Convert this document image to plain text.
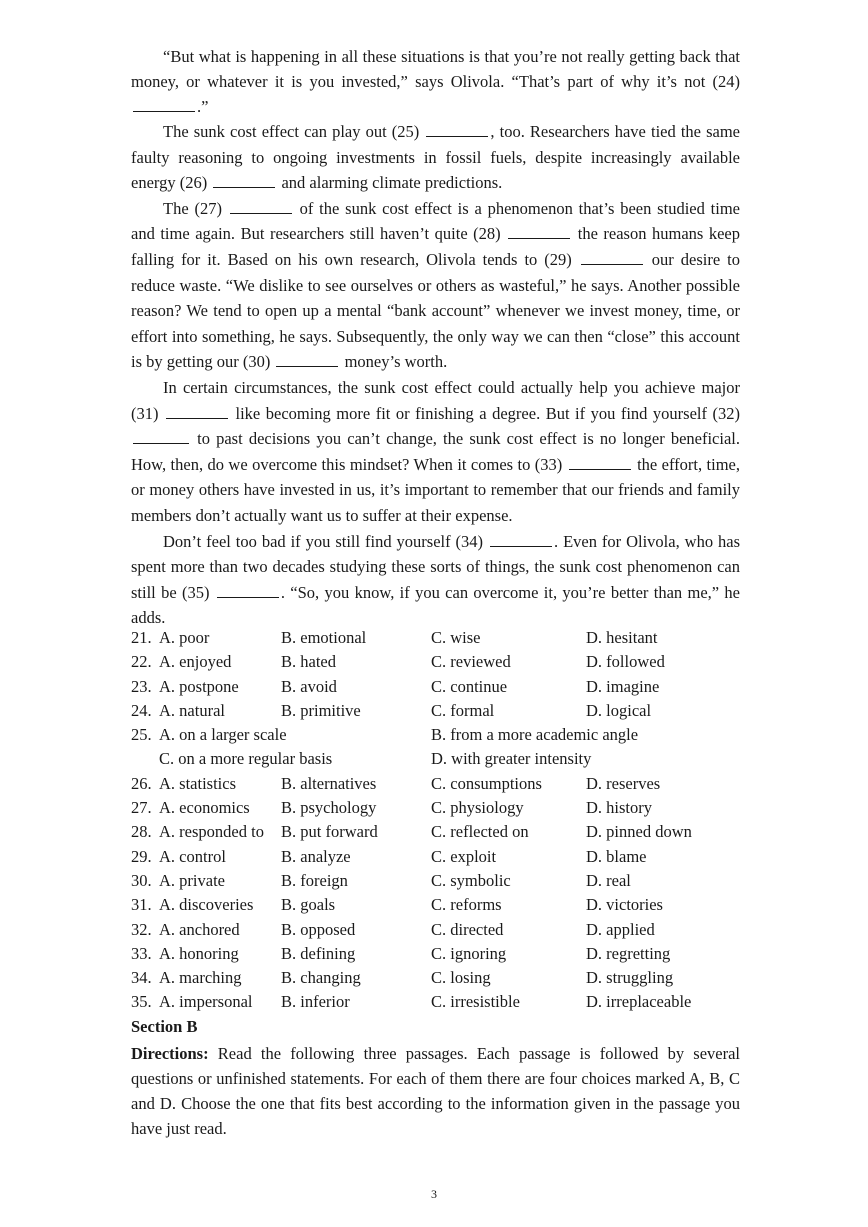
“But what is happening in all these situations is that you’re not really getting back that money, or whatever it is you invested,” says Olivola. “That’s part of why it’s not (24) .”

The sunk cost effect can play out (25)	, too. Researchers have tied the same faulty reasoning to ongoing investments in fossil fuels, despite increasingly available energy (26)	and alarming climate predictions.

The (27)	of the sunk cost effect is a phenomenon that’s been studied time and time again. But researchers still haven’t quite (28)	the reason humans keep falling for it. Based on his own research, Olivola tends to (29)	our desire to reduce waste. “We dislike to see ourselves or others as wasteful,” he says. Another possible reason? We tend to open up a mental “bank account” whenever we invest money, time, or effort into something, he says. Subsequently, the only way we can then “close” this account is by getting our (30)	money’s worth.

In certain circumstances, the sunk cost effect could actually help you achieve major (31)	like becoming more fit or finishing a degree. But if you find yourself (32)  to past decisions you can’t change, the sunk cost effect is no longer beneficial. How, then, do we overcome this mindset? When it comes to (33)	the effort, time, or money others have invested in us, it’s important to remember that our friends and family members don’t actually want us to suffer at their expense.

Don’t feel too bad if you still find yourself (34)	. Even for Olivola, who has spent more than two decades studying these sorts of things, the sunk cost phenomenon can still be (35)	. “So, you know, if you can overcome it, you’re better than me,” he adds.

21. A. poor	B. emotional	C. wise	D. hesitant
22. A. enjoyed	B. hated	C. reviewed	D. followed
23. A. postpone	B. avoid	C. continue	D. imagine
24. A. natural	B. primitive	C. formal	D. logical
25. A. on a larger scale	B. from a more academic angle
C. on a more regular basis	D. with greater intensity
26. A. statistics	B. alternatives	C. consumptions	D. reserves
27. A. economics B. psychology	C. physiology	D. history
28. A. responded to B. put forward	C. reflected on	D. pinned down
29. A. control	B. analyze	C. exploit	D. blame
30. A. private	B. foreign	C. symbolic	D. real
31. A. discoveries B. goals	C. reforms	D. victories
32. A. anchored	B. opposed	C. directed	D. applied
33. A. honoring	B. defining	C. ignoring	D. regretting
34. A. marching B. changing	C. losing	D. struggling
35. A. impersonal B. inferior	C. irresistible	D. irreplaceable

Section B

Directions: Read the following three passages. Each passage is followed by several questions or unfinished statements. For each of them there are four choices marked A, B, C and D. Choose the one that fits best according to the information given in the passage you have just read.

3
